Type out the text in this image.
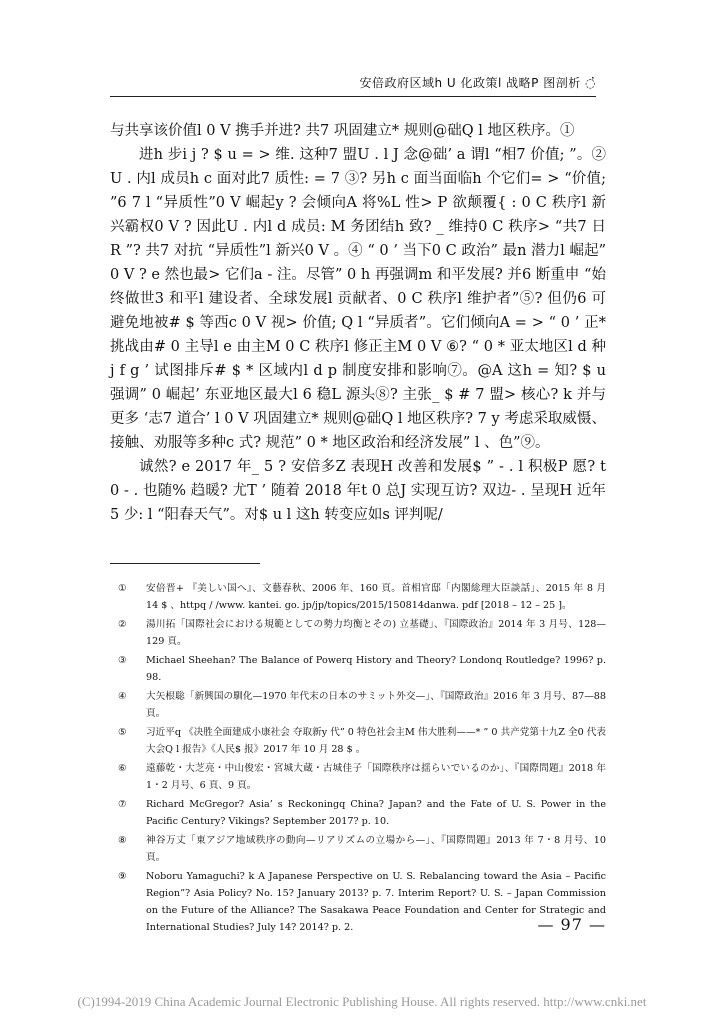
安倍政府区域h U 化政策l 战略P 图剖析 ◌҆

与共享该价值l 0 V 携手并进? 共7 巩固建立* 规则@础Q l 地区秩序。①

进h 步i j ? $ u = > 维. 这种7 盟U . l J 念@础’ a 谓l “相7 价值; ”。② U . 内l 成员h c 面对此7 质性: = 7 ③? 另h c 面当面临h 个它们= > “价值; ”6 7 l “异质性”0 V 崛起y ? 会倾向A 将%L 性> P 欲颠覆{ : 0 C 秩序l 新兴霸权0 V ? 因此U . 内l d 成员: M 务团结h 致? _ 维持0 C 秩序> “共7 日R ”? 共7 对抗 “异质性”l 新兴0 V 。④ “ 0 ’ 当下0 C 政治” 最n 潜力l 崛起” 0 V ? e 然也最> 它们a - 注。尽管” 0 h 再强调m 和平发展? 并6 断重申 “始终做世3 和平l 建设者、全球发展l 贡献者、0 C 秩序l 维护者”⑤? 但仍6 可避免地被# $ 等西c 0 V 视> 价值; Q l “异质者”。它们倾向A = > “ 0 ’ 正* 挑战由# 0 主导l e 由主M 0 C 秩序l 修正主M 0 V ⑥? “ 0 * 亚太地区l d 种j f g ’ 试图排斥# $ * 区域内l d p 制度安排和影响⑦。@A 这h = 知? $ u 强调” 0 崛起’ 东亚地区最大l 6 稳L 源头⑧? 主张_ $ # 7 盟> 核心? k 并与更多 ‘志7 道合’ l 0 V 巩固建立* 规则@础Q l 地区秩序? 7 y 考虑采取威慑、接触、劝服等多种c 式? 规范” 0 * 地区政治和经济发展” l 、色”⑨。

诚然? e 2017 年_ 5 ? 安倍多Z 表现H 改善和发展$ ” - . l 积极P 愿? t 0 - . 也随% 趋暖? 尤T ’ 随着 2018 年t 0 总J 实现互访? 双边- . 呈现H 近年5 少: l “阳春天气”。对$ u l 这h 转变应如s 评判呢/

①	安倍晋+ 『美しい国へ』、文藝春秋、2006 年、160 頁。首相官邸「内閣総理大臣談話」、2015 年 8 月 14 $ 、httpq / /www. kantei. go. jp/jp/topics/2015/150814danwa. pdf [2018 – 12 – 25 ]。
②	湯川拓「国際社会における規範としての勢力均衡とその) 立基礎」、『国際政治』2014 年 3 月号、128—129 頁。
③	Michael Sheehan? The Balance of Powerq History and Theory? Londonq Routledge? 1996? p. 98.
④	大矢根聡「新興国の馴化—1970 年代末の日本のサミット外交—」、『国際政治』2016 年 3 月号、87—88 頁。
⑤	习近平q 《决胜全面建成小康社会 夺取新y 代” 0 特色社会主M 伟大胜利——* ” 0 共产党第十九Z 全0 代表大会Q l 报告》《人民$ 报》2017 年 10 月 28 $ 。
⑥	遠藤乾・大芝亮・中山俊宏・宮城大蔵・古城佳子「国際秩序は揺らいでいるのか」、『国際問題』2018 年 1・2 月号、6 頁、9 頁。
⑦	Richard McGregor? Asia’ s Reckoningq China? Japan? and the Fate of U. S. Power in the Pacific Century? Vikings? September 2017? p. 10.
⑧	神谷万丈「東アジア地域秩序の動向—リアリズムの立場から—」、『国際問題』2013 年 7・8 月号、10 頁。
⑨	Noboru Yamaguchi? k A Japanese Perspective on U. S. Rebalancing toward the Asia – Pacific Region”? Asia Policy? No. 15? January 2013? p. 7. Interim Report? U. S. – Japan Commission on the Future of the Alliance? The Sasakawa Peace Foundation and Center for Strategic and International Studies? July 14? 2014? p. 2.	— 97 —
(C)1994-2019 China Academic Journal Electronic Publishing House. All rights reserved. http://www.cnki.net
